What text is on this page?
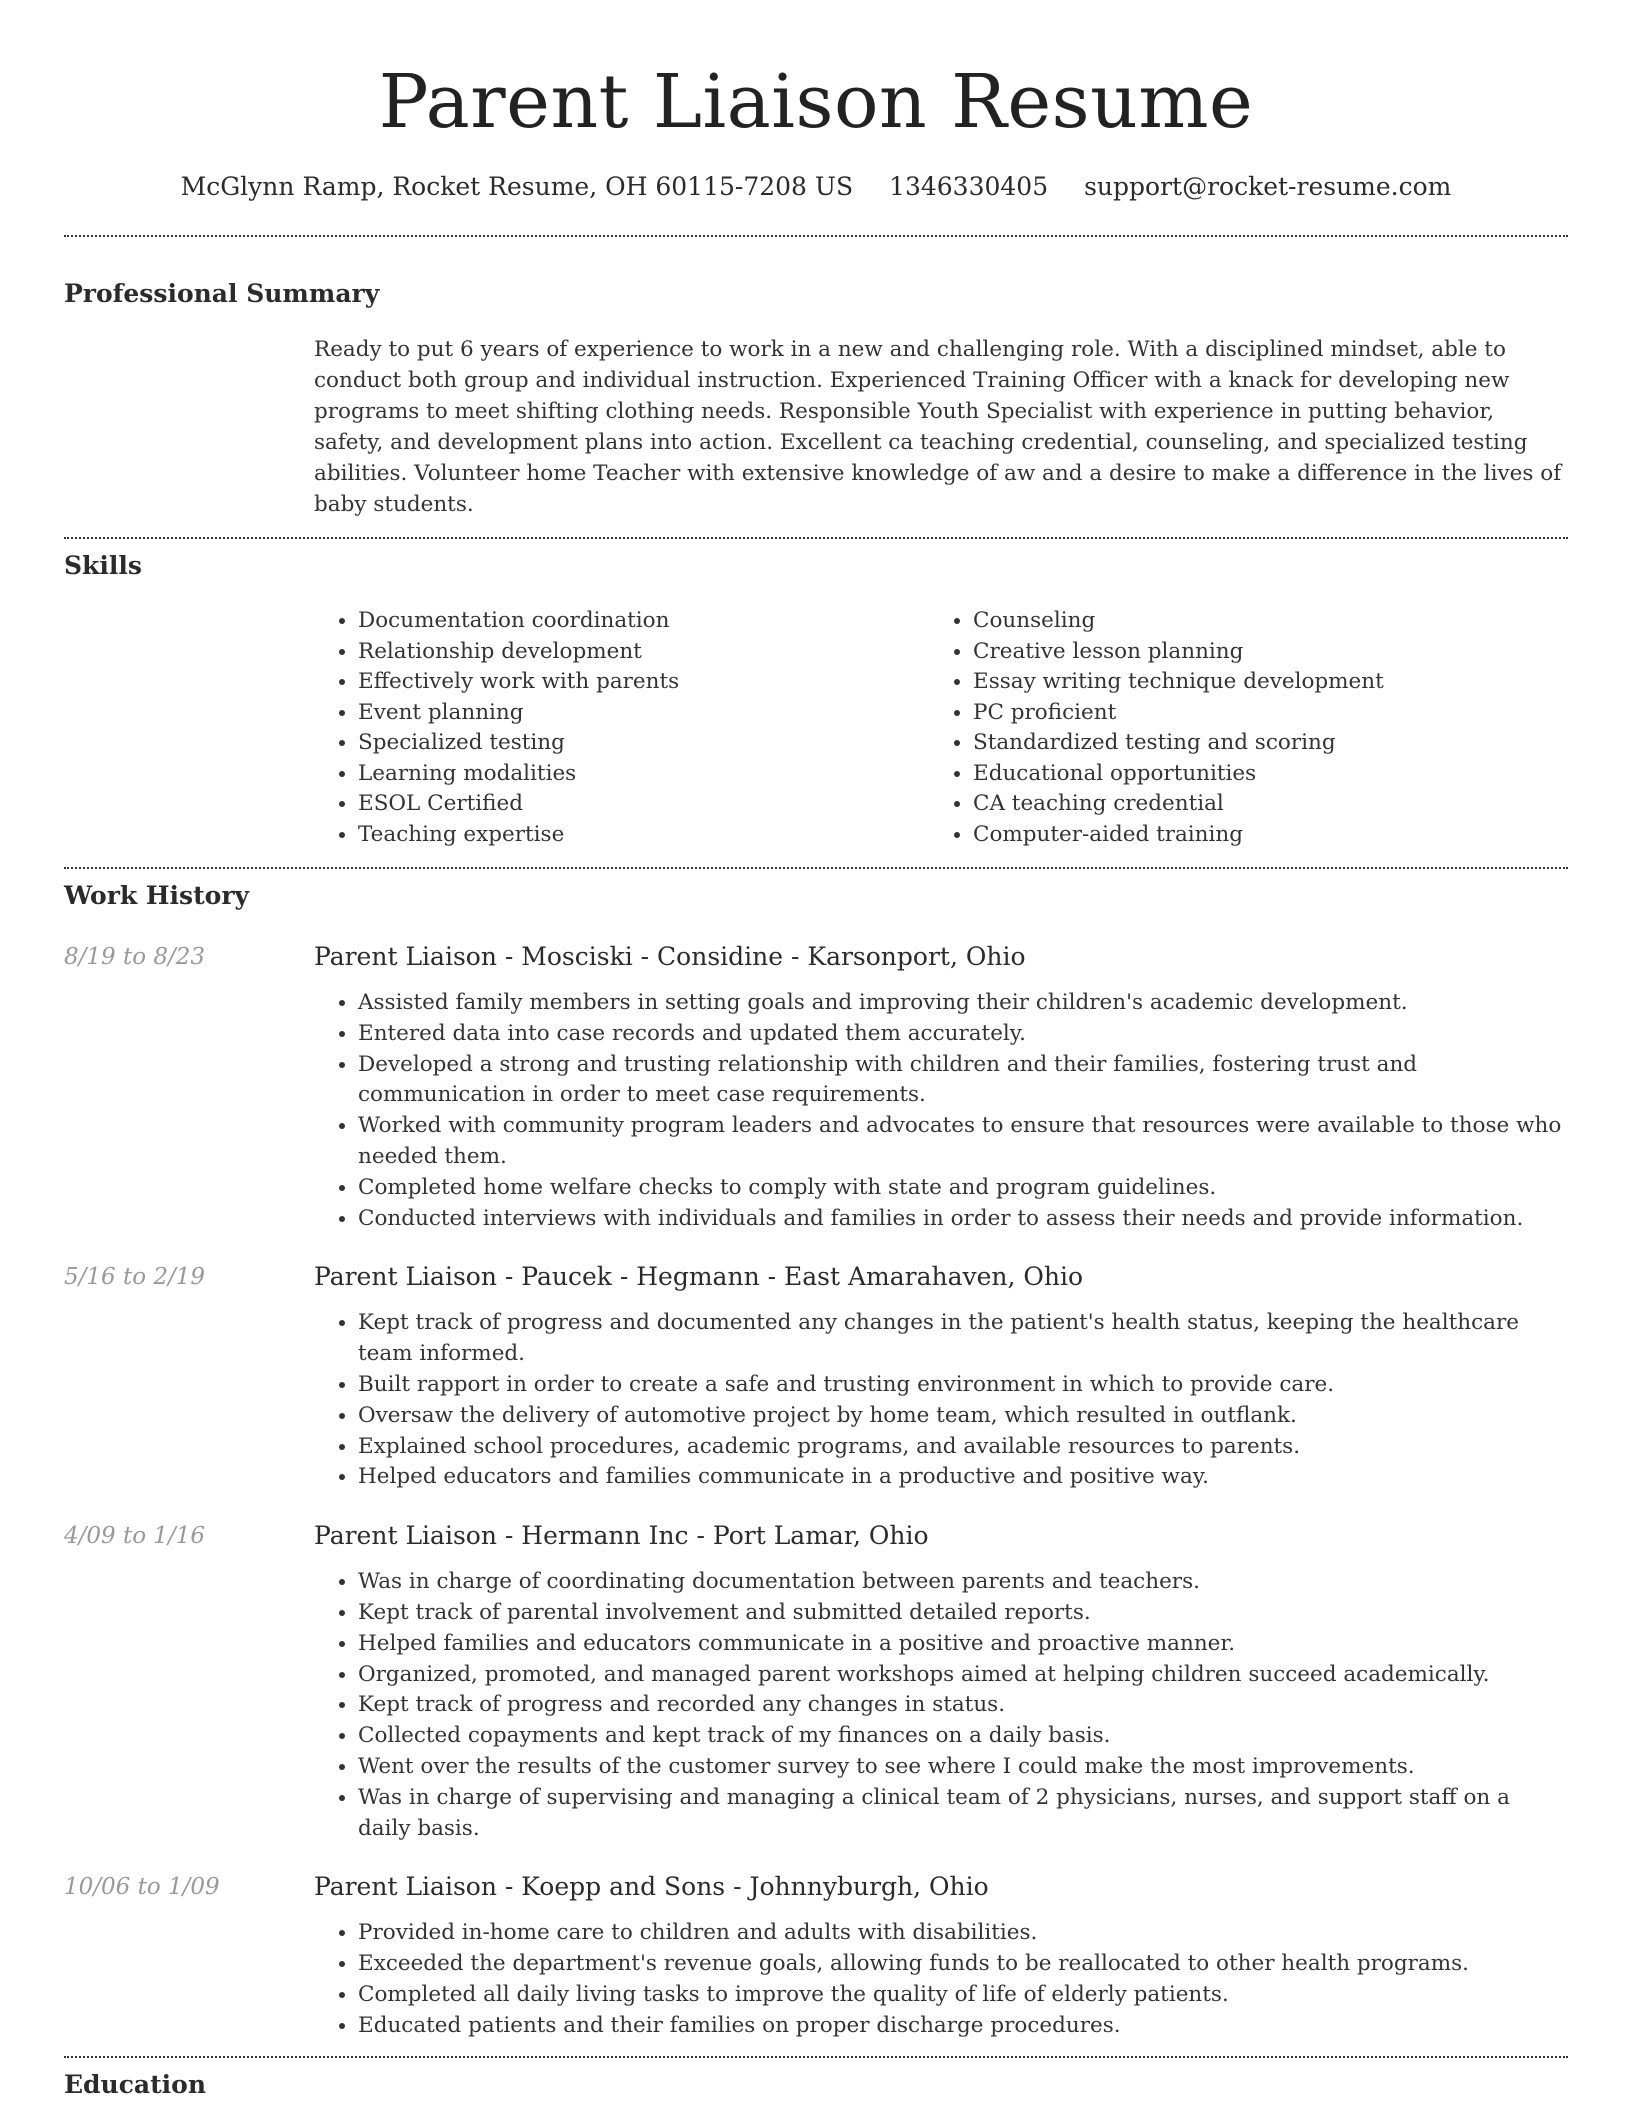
Parent Liaison Resume
McGlynn Ramp, Rocket Resume, OH 60115-7208 US 1346330405 support@rocket-resume.com
Professional Summary

Ready to put 6 years of experience to work in a new and challenging role. With a disciplined mindset, able to conduct both group and individual instruction. Experienced Training Officer with a knack for developing new programs to meet shifting clothing needs. Responsible Youth Specialist with experience in putting behavior, safety, and development plans into action. Excellent ca teaching credential, counseling, and specialized testing abilities. Volunteer home Teacher with extensive knowledge of aw and a desire to make a difference in the lives of baby students.

Skills
• Documentation coordination
• Relationship development
• Effectively work with parents
• Event planning
• Specialized testing
• Learning modalities
• ESOL Certified
• Teaching expertise
• Counseling
• Creative lesson planning
• Essay writing technique development
• PC proficient
• Standardized testing and scoring
• Educational opportunities
• CA teaching credential
• Computer-aided training
Work History
8/19 to 8/23	Parent Liaison - Mosciski - Considine - Karsonport, Ohio
• Assisted family members in setting goals and improving their children's academic development.
• Entered data into case records and updated them accurately.
• Developed a strong and trusting relationship with children and their families, fostering trust and communication in order to meet case requirements.
• Worked with community program leaders and advocates to ensure that resources were available to those who needed them.
• Completed home welfare checks to comply with state and program guidelines.
• Conducted interviews with individuals and families in order to assess their needs and provide information.
5/16 to 2/19	Parent Liaison - Paucek - Hegmann - East Amarahaven, Ohio
• Kept track of progress and documented any changes in the patient's health status, keeping the healthcare team informed.
• Built rapport in order to create a safe and trusting environment in which to provide care.
• Oversaw the delivery of automotive project by home team, which resulted in outflank.
• Explained school procedures, academic programs, and available resources to parents.
• Helped educators and families communicate in a productive and positive way.
4/09 to 1/16	Parent Liaison - Hermann Inc - Port Lamar, Ohio
• Was in charge of coordinating documentation between parents and teachers.
• Kept track of parental involvement and submitted detailed reports.
• Helped families and educators communicate in a positive and proactive manner.
• Organized, promoted, and managed parent workshops aimed at helping children succeed academically.
• Kept track of progress and recorded any changes in status.
• Collected copayments and kept track of my finances on a daily basis.
• Went over the results of the customer survey to see where I could make the most improvements.
• Was in charge of supervising and managing a clinical team of 2 physicians, nurses, and support staff on a daily basis.
10/06 to 1/09	Parent Liaison - Koepp and Sons - Johnnyburgh, Ohio
• Provided in-home care to children and adults with disabilities.
• Exceeded the department's revenue goals, allowing funds to be reallocated to other health programs.
• Completed all daily living tasks to improve the quality of life of elderly patients.
• Educated patients and their families on proper discharge procedures.
Education
